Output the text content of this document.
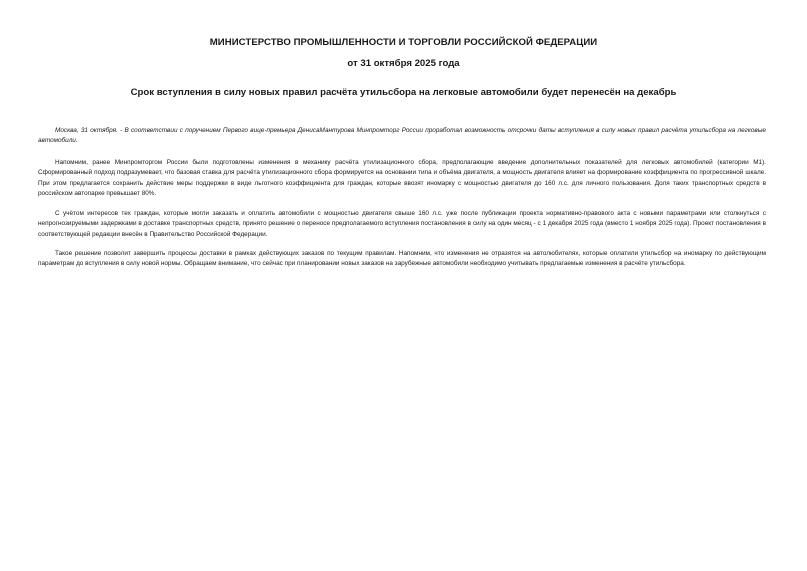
МИНИСТЕРСТВО ПРОМЫШЛЕННОСТИ И ТОРГОВЛИ РОССИЙСКОЙ ФЕДЕРАЦИИ
от 31 октября 2025 года
Срок вступления в силу новых правил расчёта утильсбора на легковые автомобили будет перенесён на декабрь

Москва, 31 октября. - В соответствии с поручением Первого вице-премьера ДенисаМантурова Минпромторг России проработал возможность отсрочки даты вступления в силу новых правил расчёта утильсбора на легковые автомобили.

Напомним, ранее Минпромторгом России были подготовлены изменения в механику расчёта утилизационного сбора, предполагающие введение дополнительных показателей для легковых автомобилей (категории М1). Сформированный подход подразумевает, что базовая ставка для расчёта утилизационного сбора формируется на основании типа и объёма двигателя, а мощность двигателя влияет на формирование коэффициента по прогрессивной шкале. При этом предлагается сохранить действие меры поддержки в виде льготного коэффициента для граждан, которые ввозят иномарку с мощностью двигателя до 160 л.с. для личного пользования. Доля таких транспортных средств в российском автопарке превышает 80%.

С учётом интересов тех граждан, которые могли заказать и оплатить автомобили с мощностью двигателя свыше 160 л.с. уже после публикации проекта нормативно-правового акта с новыми параметрами или столкнуться с непрогнозируемыми задержками в доставке транспортных средств, принято решение о переносе предполагаемого вступления постановления в силу на один месяц - с 1 декабря 2025 года (вместо 1 ноября 2025 года). Проект постановления в соответствующей редакции внесён в Правительство Российской Федерации.

Такое решение позволит завершить процессы доставки в рамках действующих заказов по текущим правилам. Напомним, что изменения не отразятся на автолюбителях, которые оплатили утильсбор на иномарку по действующим параметрам до вступления в силу новой нормы. Обращаем внимание, что сейчас при планировании новых заказов на зарубежные автомобили необходимо учитывать предлагаемые изменения в расчёте утильсбора.
